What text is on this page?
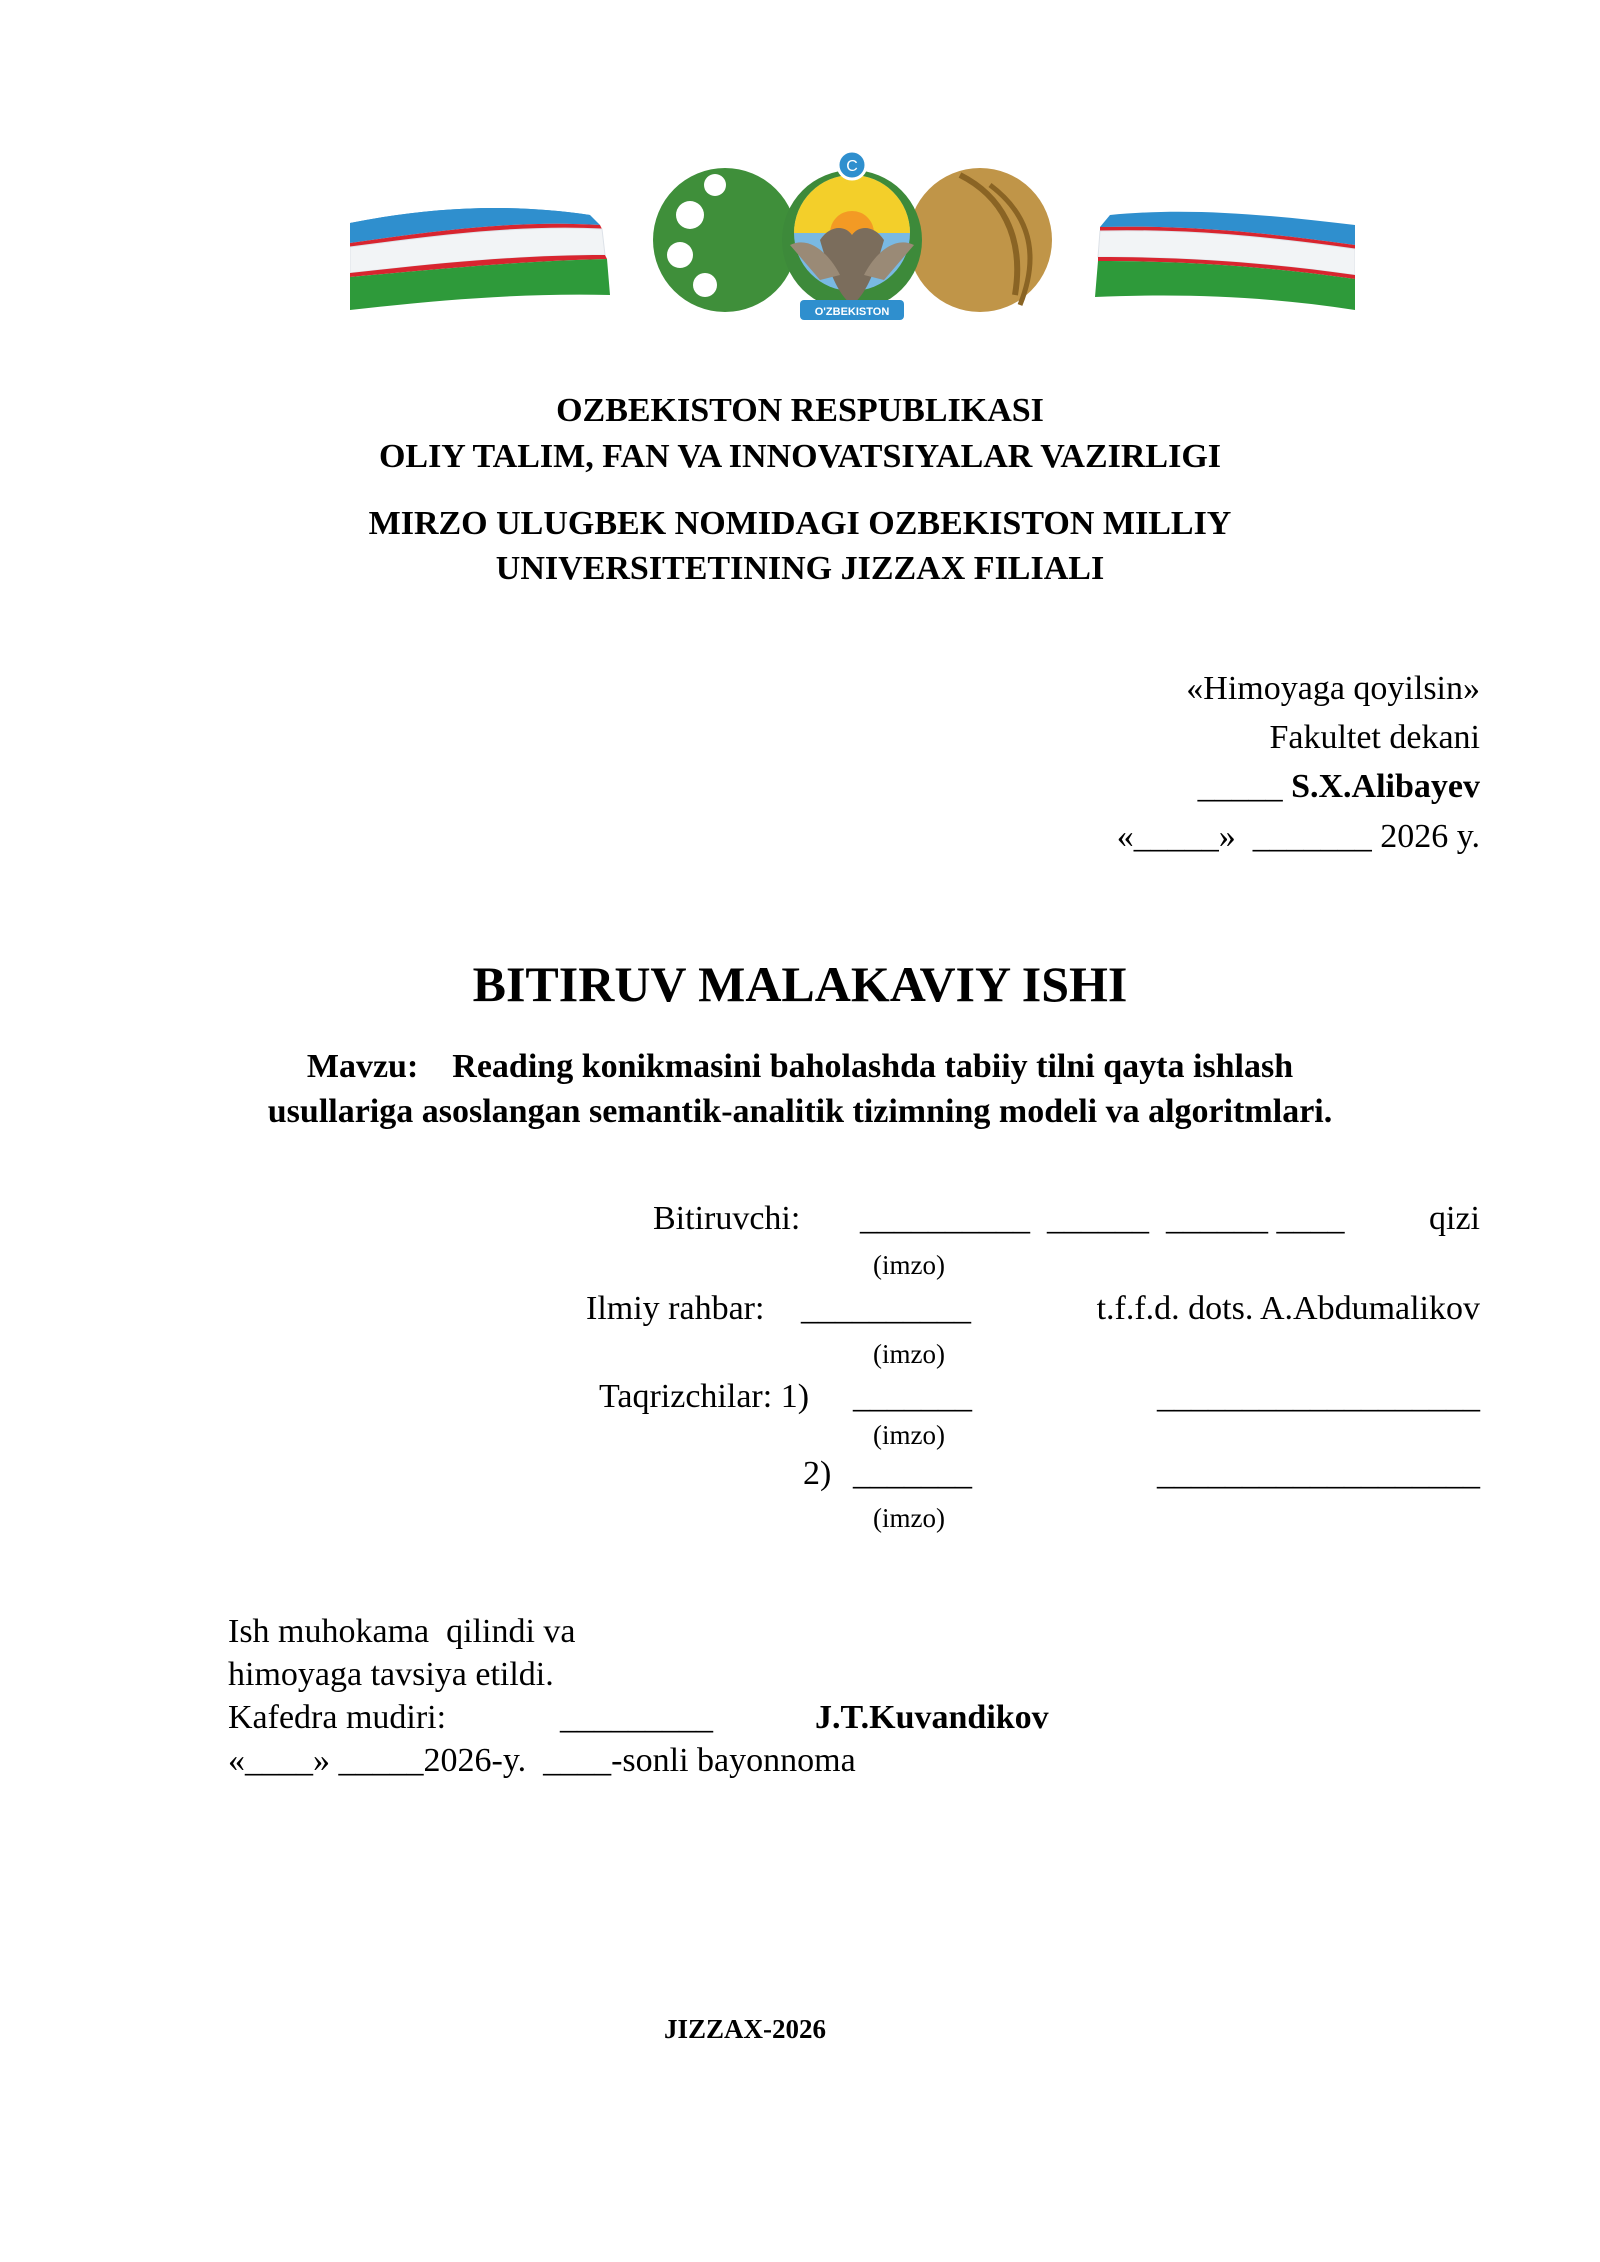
C
O'ZBEKISTON
OZBEKISTON RESPUBLIKASI
OLIY TALIM, FAN VA INNOVATSIYALAR VAZIRLIGI
MIRZO ULUGBEK NOMIDAGI OZBEKISTON MILLIY
UNIVERSITETINING JIZZAX FILIALI
«Himoyaga qoyilsin»
Fakultet dekani
_____ S.X.Alibayev
«_____»  _______ 2026 y.
BITIRUV MALAKAVIY ISHI
Mavzu: Reading konikmasini baholashda tabiiy tilni qayta ishlash
usullariga asoslangan semantik-analitik tizimning modeli va algoritmlari.
Bitiruvchi: __________  ______  ______ ____ qizi
(imzo)
Ilmiy rahbar: __________	t.f.f.d. dots. A.Abdumalikov
(imzo)
Taqrizchilar: 1) _______	___________________
(imzo)
2) _______	___________________
(imzo)
Ish muhokama  qilindi va
himoyaga tavsiya etildi.
Kafedra mudiri:	_________	J.T.Kuvandikov
«____» _____2026-y.  ____-sonli bayonnoma
JIZZAX-2026
